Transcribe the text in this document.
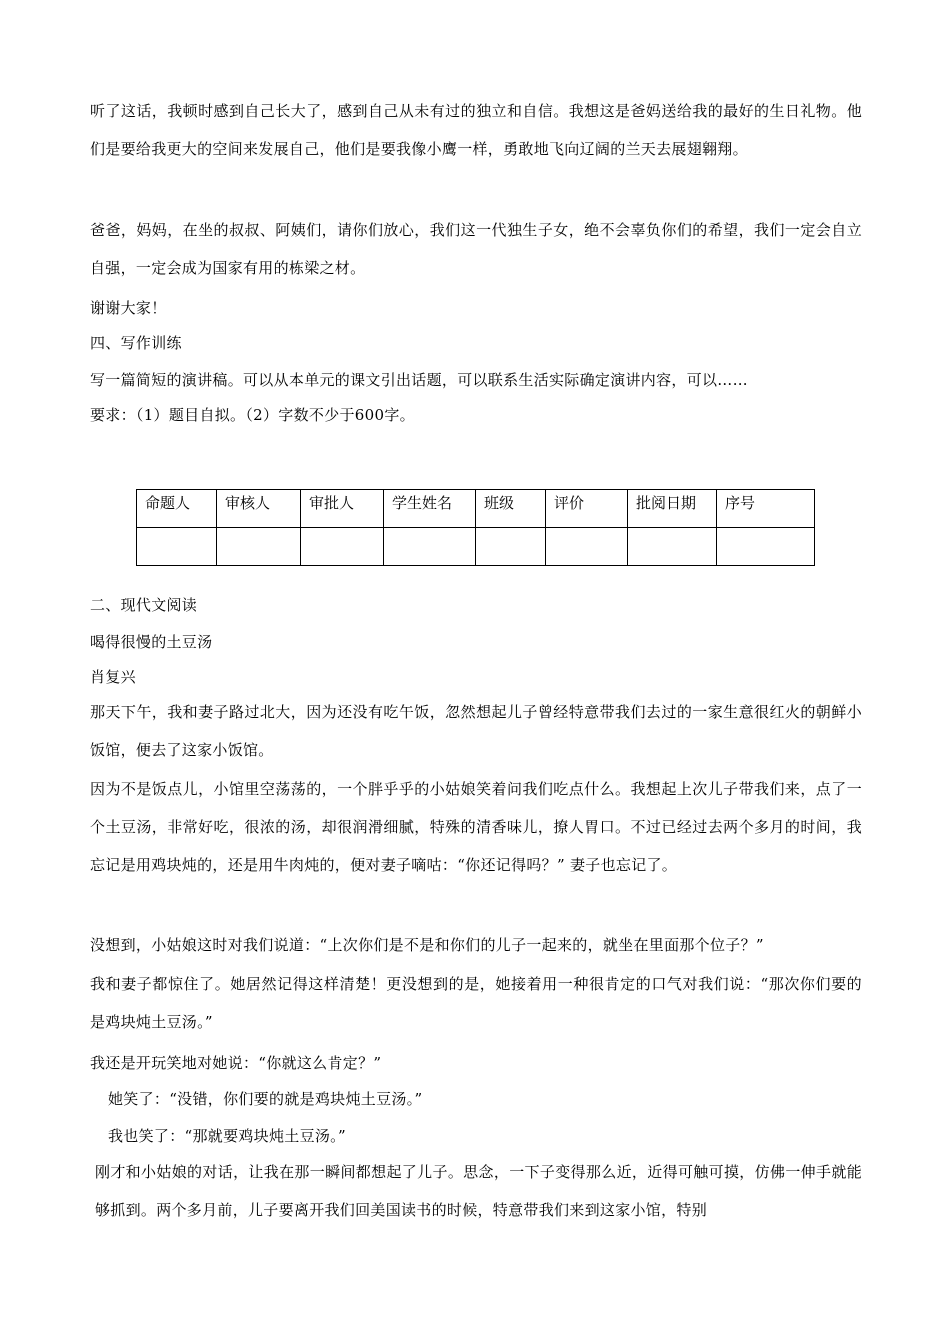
听了这话，我顿时感到自己长大了，感到自己从未有过的独立和自信。我想这是爸妈送给我的最好的生日礼物。他们是要给我更大的空间来发展自己，他们是要我像小鹰一样，勇敢地飞向辽阔的兰天去展翅翱翔。
爸爸，妈妈，在坐的叔叔、阿姨们，请你们放心，我们这一代独生子女，绝不会辜负你们的希望，我们一定会自立自强，一定会成为国家有用的栋梁之材。
谢谢大家！
四、写作训练
写一篇简短的演讲稿。可以从本单元的课文引出话题，可以联系生活实际确定演讲内容，可以……
要求：（1）题目自拟。（2）字数不少于600字。
命题人	审核人	审批人	学生姓名	班级	评价	批阅日期	序号

二、现代文阅读
喝得很慢的土豆汤
肖复兴
那天下午，我和妻子路过北大，因为还没有吃午饭，忽然想起儿子曾经特意带我们去过的一家生意很红火的朝鲜小饭馆，便去了这家小饭馆。
因为不是饭点儿，小馆里空荡荡的，一个胖乎乎的小姑娘笑着问我们吃点什么。我想起上次儿子带我们来，点了一个土豆汤，非常好吃，很浓的汤，却很润滑细腻，特殊的清香味儿，撩人胃口。不过已经过去两个多月的时间，我忘记是用鸡块炖的，还是用牛肉炖的，便对妻子嘀咕：“你还记得吗？” 妻子也忘记了。
没想到，小姑娘这时对我们说道：“上次你们是不是和你们的儿子一起来的，就坐在里面那个位子？”
我和妻子都惊住了。她居然记得这样清楚！更没想到的是，她接着用一种很肯定的口气对我们说：“那次你们要的是鸡块炖土豆汤。”
我还是开玩笑地对她说：“你就这么肯定？”
她笑了：“没错，你们要的就是鸡块炖土豆汤。”
我也笑了：“那就要鸡块炖土豆汤。”
刚才和小姑娘的对话，让我在那一瞬间都想起了儿子。思念，一下子变得那么近，近得可触可摸，仿佛一伸手就能够抓到。两个多月前，儿子要离开我们回美国读书的时候，特意带我们来到这家小馆，特别
